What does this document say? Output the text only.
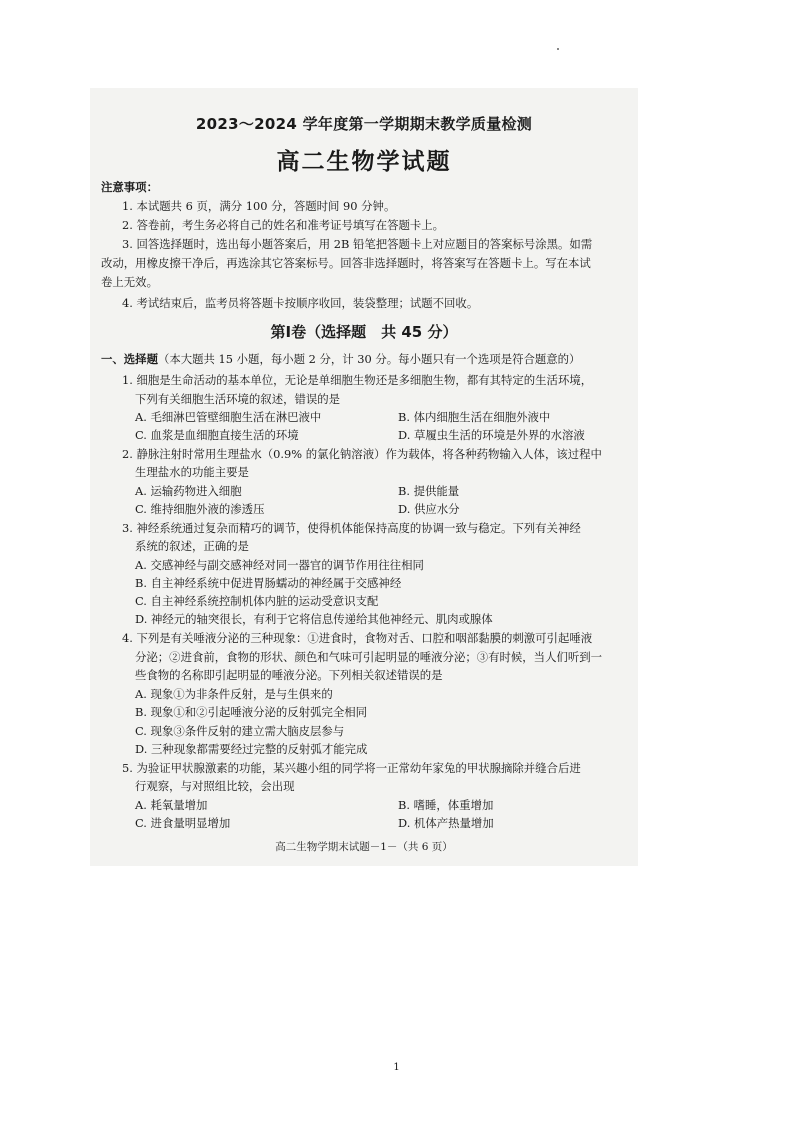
2023～2024 学年度第一学期期末教学质量检测
高二生物学试题
注意事项：
1. 本试题共 6 页，满分 100 分，答题时间 90 分钟。
2. 答卷前，考生务必将自己的姓名和准考证号填写在答题卡上。
3. 回答选择题时，选出每小题答案后，用 2B 铅笔把答题卡上对应题目的答案标号涂黑。如需
改动，用橡皮擦干净后，再选涂其它答案标号。回答非选择题时，将答案写在答题卡上。写在本试
卷上无效。
4. 考试结束后，监考员将答题卡按顺序收回，装袋整理；试题不回收。
第Ⅰ卷（选择题　共 45 分）
一、选择题（本大题共 15 小题，每小题 2 分，计 30 分。每小题只有一个选项是符合题意的）
1. 细胞是生命活动的基本单位，无论是单细胞生物还是多细胞生物，都有其特定的生活环境，
下列有关细胞生活环境的叙述，错误的是
A. 毛细淋巴管壁细胞生活在淋巴液中	B. 体内细胞生活在细胞外液中
C. 血浆是血细胞直接生活的环境	D. 草履虫生活的环境是外界的水溶液
2. 静脉注射时常用生理盐水（0.9% 的氯化钠溶液）作为载体，将各种药物输入人体，该过程中
生理盐水的功能主要是
A. 运输药物进入细胞	B. 提供能量
C. 维持细胞外液的渗透压	D. 供应水分
3. 神经系统通过复杂而精巧的调节，使得机体能保持高度的协调一致与稳定。下列有关神经
系统的叙述，正确的是
A. 交感神经与副交感神经对同一器官的调节作用往往相同
B. 自主神经系统中促进胃肠蠕动的神经属于交感神经
C. 自主神经系统控制机体内脏的运动受意识支配
D. 神经元的轴突很长，有利于它将信息传递给其他神经元、肌肉或腺体
4. 下列是有关唾液分泌的三种现象：①进食时，食物对舌、口腔和咽部黏膜的刺激可引起唾液
分泌；②进食前，食物的形状、颜色和气味可引起明显的唾液分泌；③有时候，当人们听到一
些食物的名称即引起明显的唾液分泌。下列相关叙述错误的是
A. 现象①为非条件反射，是与生俱来的
B. 现象①和②引起唾液分泌的反射弧完全相同
C. 现象③条件反射的建立需大脑皮层参与
D. 三种现象都需要经过完整的反射弧才能完成
5. 为验证甲状腺激素的功能，某兴趣小组的同学将一正常幼年家兔的甲状腺摘除并缝合后进
行观察，与对照组比较，会出现
A. 耗氧量增加	B. 嗜睡，体重增加
C. 进食量明显增加	D. 机体产热量增加
高二生物学期末试题－1－（共 6 页）
1
